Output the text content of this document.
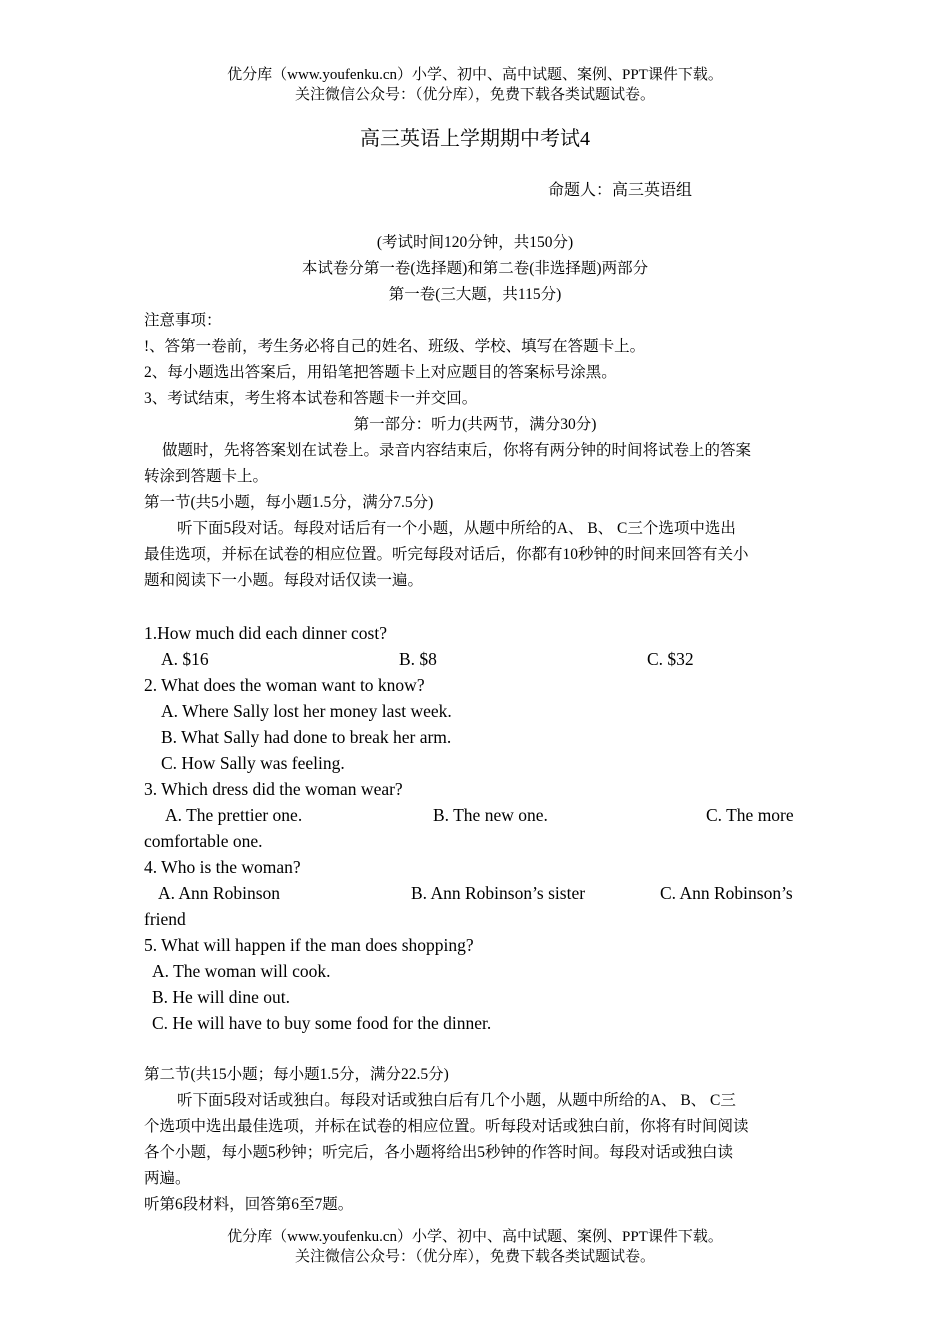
优分库（www.youfenku.cn）小学、初中、高中试题、案例、PPT课件下载。
关注微信公众号：（优分库），免费下载各类试题试卷。
高三英语上学期期中考试4
命题人：高三英语组
(考试时间120分钟，共150分)
本试卷分第一卷(选择题)和第二卷(非选择题)两部分
第一卷(三大题，共115分)
注意事项：
!、答第一卷前，考生务必将自己的姓名、班级、学校、填写在答题卡上。
2、每小题选出答案后，用铅笔把答题卡上对应题目的答案标号涂黑。
3、考试结束，考生将本试卷和答题卡一并交回。
第一部分：听力(共两节，满分30分)
做题时，先将答案划在试卷上。录音内容结束后，你将有两分钟的时间将试卷上的答案
转涂到答题卡上。
第一节(共5小题，每小题1.5分，满分7.5分)
听下面5段对话。每段对话后有一个小题，从题中所给的A、 B、 C三个选项中选出
最佳选项，并标在试卷的相应位置。听完每段对话后，你都有10秒钟的时间来回答有关小
题和阅读下一小题。每段对话仅读一遍。
1.How much did each dinner cost?
A. $16	B. $8	C. $32
2. What does the woman want to know?
A. Where Sally lost her money last week.
B. What Sally had done to break her arm.
C. How Sally was feeling.
3. Which dress did the woman wear?
A. The prettier one.	B. The new one.	C. The more
comfortable one.
4. Who is the woman?
A. Ann Robinson	B. Ann Robinson’s sister	C. Ann Robinson’s
friend
5. What will happen if the man does shopping?
A. The woman will cook.
B. He will dine out.
C. He will have to buy some food for the dinner.
第二节(共15小题；每小题1.5分，满分22.5分)
听下面5段对话或独白。每段对话或独白后有几个小题，从题中所给的A、 B、 C三
个选项中选出最佳选项，并标在试卷的相应位置。听每段对话或独白前，你将有时间阅读
各个小题，每小题5秒钟；听完后，各小题将给出5秒钟的作答时间。每段对话或独白读
两遍。
听第6段材料，回答第6至7题。
优分库（www.youfenku.cn）小学、初中、高中试题、案例、PPT课件下载。
关注微信公众号：（优分库），免费下载各类试题试卷。
